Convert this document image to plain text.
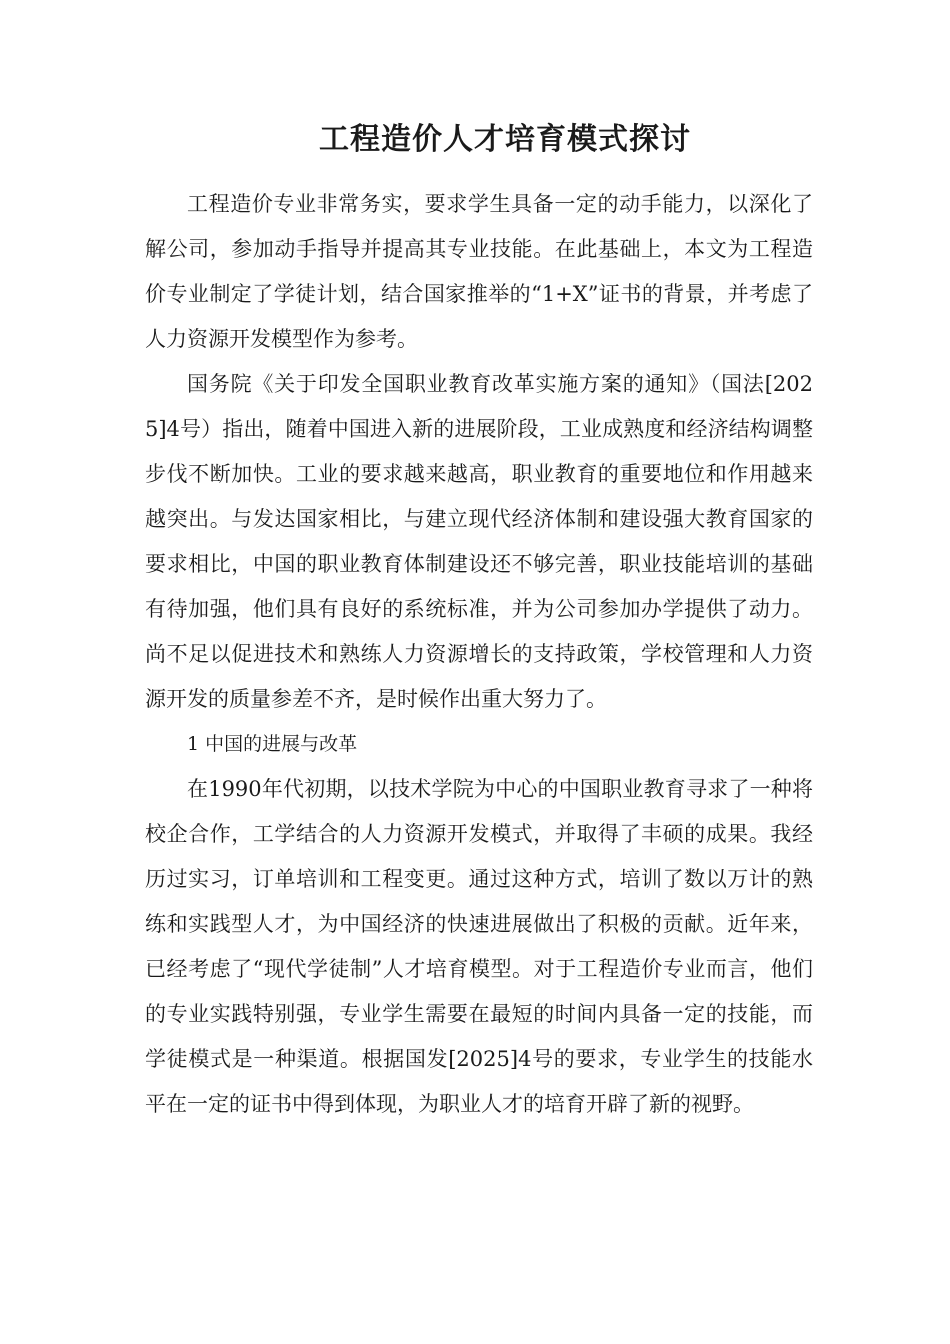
工程造价人才培育模式探讨

工程造价专业非常务实，要求学生具备一定的动手能力，以深化了解公司，参加动手指导并提高其专业技能。在此基础上，本文为工程造价专业制定了学徒计划，结合国家推举的“1+X”证书的背景，并考虑了人力资源开发模型作为参考。

国务院《关于印发全国职业教育改革实施方案的通知》（国法[2025]4号）指出，随着中国进入新的进展阶段，工业成熟度和经济结构调整步伐不断加快。工业的要求越来越高，职业教育的重要地位和作用越来越突出。与发达国家相比，与建立现代经济体制和建设强大教育国家的要求相比，中国的职业教育体制建设还不够完善，职业技能培训的基础有待加强，他们具有良好的系统标准，并为公司参加办学提供了动力。尚不足以促进技术和熟练人力资源增长的支持政策，学校管理和人力资源开发的质量参差不齐，是时候作出重大努力了。

1 中国的进展与改革

在1990年代初期，以技术学院为中心的中国职业教育寻求了一种将校企合作，工学结合的人力资源开发模式，并取得了丰硕的成果。我经历过实习，订单培训和工程变更。通过这种方式，培训了数以万计的熟练和实践型人才，为中国经济的快速进展做出了积极的贡献。近年来，已经考虑了“现代学徒制”人才培育模型。对于工程造价专业而言，他们的专业实践特别强，专业学生需要在最短的时间内具备一定的技能，而学徒模式是一种渠道。根据国发[2025]4号的要求，专业学生的技能水平在一定的证书中得到体现，为职业人才的培育开辟了新的视野。
